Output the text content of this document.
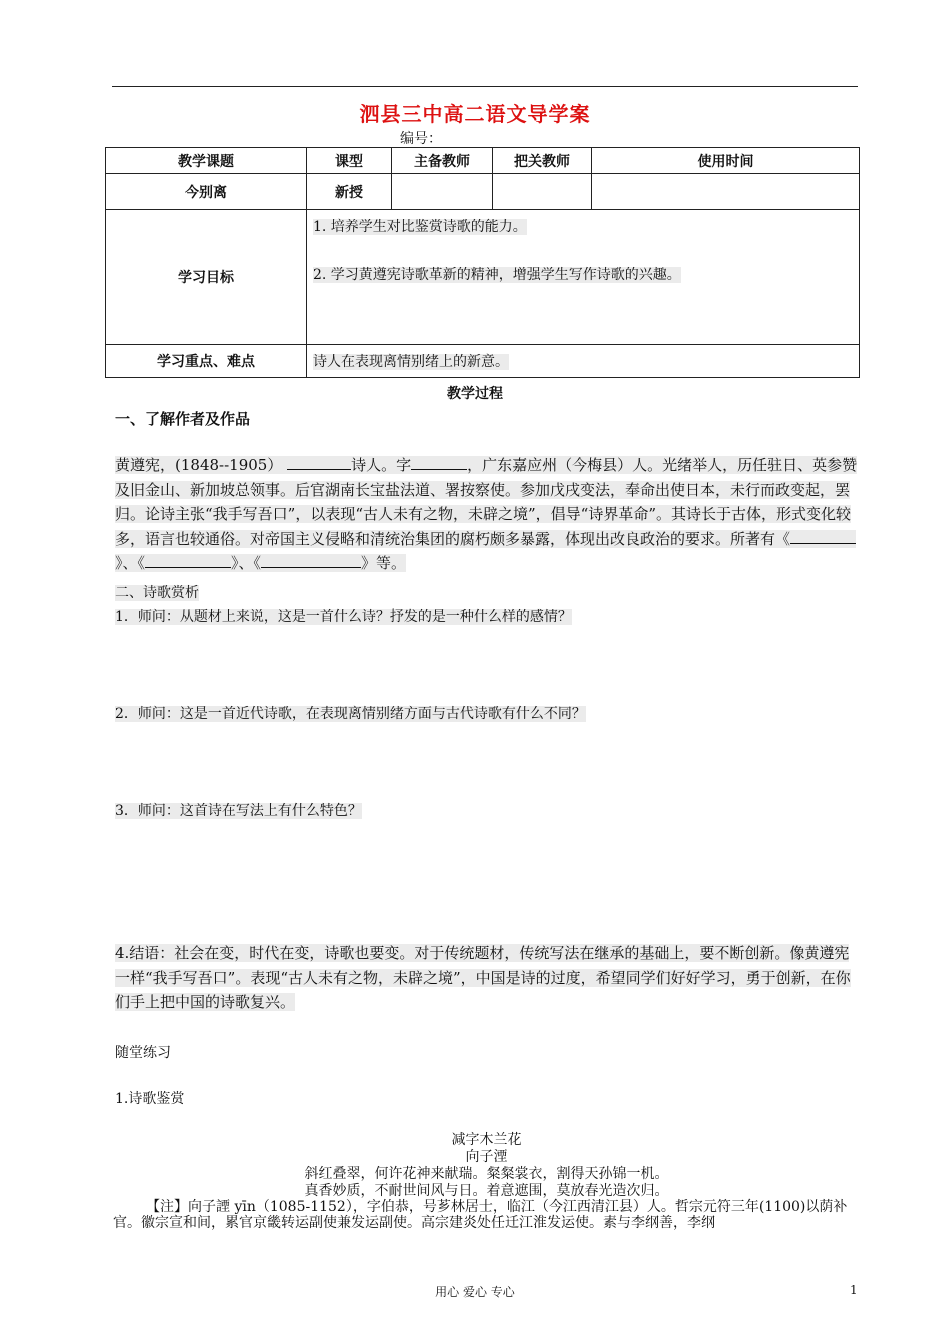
泗县三中高二语文导学案
编号：
教学课题	课型	主备教师	把关教师	使用时间
今别离	新授			
学习目标	1. 培养学生对比鉴赏诗歌的能力。
2. 学习黄遵宪诗歌革新的精神，增强学生写作诗歌的兴趣。			

学习重点、难点	诗人在表现离情别绪上的新意。			
教学过程
一、了解作者及作品
黄遵宪，(1848--1905）	诗人。字	，广东嘉应州（今梅县）人。光绪举人，历任驻日、英参赞及旧金山、新加坡总领事。后官湖南长宝盐法道、署按察使。参加戊戌变法，奉命出使日本，未行而政变起，罢归。论诗主张“我手写吾口”，以表现“古人未有之物，未辟之境”，倡导“诗界革命”。其诗长于古体，形式变化较多，语言也较通俗。对帝国主义侵略和清统治集团的腐朽颇多暴露，体现出改良政治的要求。所著有《》、《	》、《	》等。
二、诗歌赏析
1．师问：从题材上来说，这是一首什么诗？抒发的是一种什么样的感情？
2．师问：这是一首近代诗歌，在表现离情别绪方面与古代诗歌有什么不同？
3．师问：这首诗在写法上有什么特色？
4.结语：社会在变，时代在变，诗歌也要变。对于传统题材，传统写法在继承的基础上，要不断创新。像黄遵宪一样“我手写吾口”。表现“古人未有之物，未辟之境”，中国是诗的过度，希望同学们好好学习，勇于创新，在你们手上把中国的诗歌复兴。
随堂练习
1.诗歌鉴赏
减字木兰花
向子湮
斜红叠翠，何许花神来献瑞。粲粲裳衣，割得天孙锦一机。
真香妙质，不耐世间风与日。着意遮围，莫放春光造次归。
【注】向子諲 yīn（1085-1152），字伯恭，号芗林居士，临江（今江西清江县）人。哲宗元符三年(1100)以荫补官。徽宗宣和间，累官京畿转运副使兼发运副使。高宗建炎处任迁江淮发运使。素与李纲善，李纲
用心 爱心 专心	1
